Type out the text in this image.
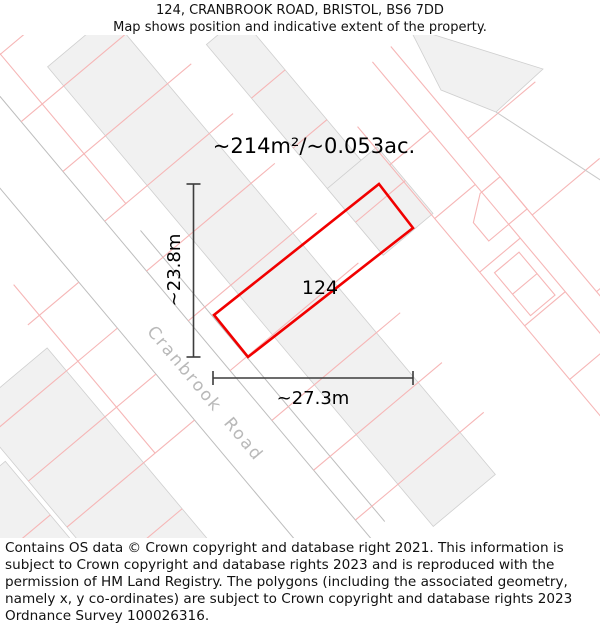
124, CRANBROOK ROAD, BRISTOL, BS6 7DD
Map shows position and indicative extent of the property.
~214m²/~0.053ac.
124
~27.3m
~23.8m
Cranbrook Road
Contains OS data © Crown copyright and database right 2021. This information is subject to Crown copyright and database rights 2023 and is reproduced with the permission of HM Land Registry. The polygons (including the associated geometry, namely x, y co-ordinates) are subject to Crown copyright and database rights 2023 Ordnance Survey 100026316.
